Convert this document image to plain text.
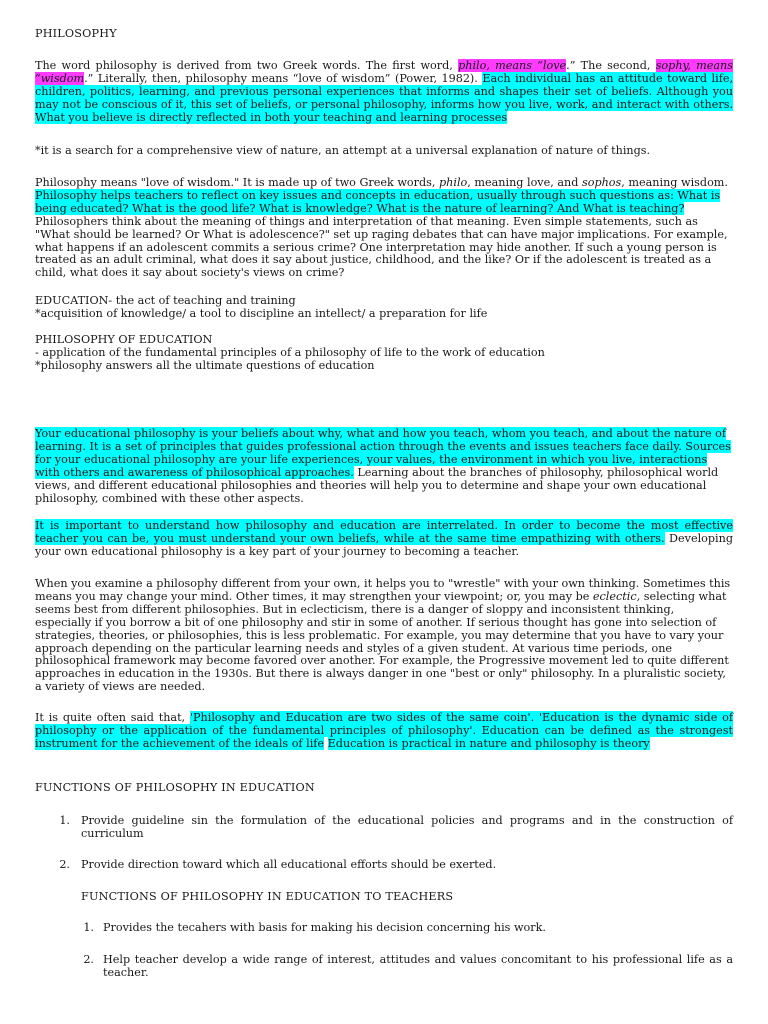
PHILOSOPHY

The word philosophy is derived from two Greek words. The first word, philo, means “love.” The second, sophy, means “wisdom.” Literally, then, philosophy means “love of wisdom” (Power, 1982). Each individual has an attitude toward life, children, politics, learning, and previous personal experiences that informs and shapes their set of beliefs. Although you may not be conscious of it, this set of beliefs, or personal philosophy, informs how you live, work, and interact with others. What you believe is directly reflected in both your teaching and learning processes

*it is a search for a comprehensive view of nature, an attempt at a universal explanation of nature of things.

Philosophy means "love of wisdom." It is made up of two Greek words, philo, meaning love, and sophos, meaning wisdom. Philosophy helps teachers to reflect on key issues and concepts in education, usually through such questions as: What is being educated? What is the good life? What is knowledge? What is the nature of learning? And What is teaching? Philosophers think about the meaning of things and interpretation of that meaning. Even simple statements, such as "What should be learned? Or What is adolescence?" set up raging debates that can have major implications. For example, what happens if an adolescent commits a serious crime? One interpretation may hide another. If such a young person is treated as an adult criminal, what does it say about justice, childhood, and the like? Or if the adolescent is treated as a child, what does it say about society's views on crime?

EDUCATION- the act of teaching and training
*acquisition of knowledge/ a tool to discipline an intellect/ a preparation for life

PHILOSOPHY OF EDUCATION
- application of the fundamental principles of a philosophy of life to the work of education
*philosophy answers all the ultimate questions of education

Your educational philosophy is your beliefs about why, what and how you teach, whom you teach, and about the nature of learning. It is a set of principles that guides professional action through the events and issues teachers face daily. Sources for your educational philosophy are your life experiences, your values, the environment in which you live, interactions with others and awareness of philosophical approaches. Learning about the branches of philosophy, philosophical world views, and different educational philosophies and theories will help you to determine and shape your own educational philosophy, combined with these other aspects.

It is important to understand how philosophy and education are interrelated. In order to become the most effective teacher you can be, you must understand your own beliefs, while at the same time empathizing with others. Developing your own educational philosophy is a key part of your journey to becoming a teacher.

When you examine a philosophy different from your own, it helps you to "wrestle" with your own thinking. Sometimes this means you may change your mind. Other times, it may strengthen your viewpoint; or, you may be eclectic, selecting what seems best from different philosophies. But in eclecticism, there is a danger of sloppy and inconsistent thinking, especially if you borrow a bit of one philosophy and stir in some of another. If serious thought has gone into selection of strategies, theories, or philosophies, this is less problematic. For example, you may determine that you have to vary your approach depending on the particular learning needs and styles of a given student. At various time periods, one philosophical framework may become favored over another. For example, the Progressive movement led to quite different approaches in education in the 1930s. But there is always danger in one "best or only" philosophy. In a pluralistic society, a variety of views are needed.

It is quite often said that, 'Philosophy and Education are two sides of the same coin'. 'Education is the dynamic side of philosophy or the application of the fundamental principles of philosophy'. Education can be defined as the strongest instrument for the achievement of the ideals of life Education is practical in nature and philosophy is theory

FUNCTIONS OF PHILOSOPHY IN EDUCATION

1. Provide guideline sin the formulation of the educational policies and programs and in the construction of curriculum

2. Provide direction toward which all educational efforts should be exerted.

FUNCTIONS OF PHILOSOPHY IN EDUCATION TO TEACHERS

1. Provides the tecahers with basis for making his decision concerning his work.

2. Help teacher develop a wide range of interest, attitudes and values concomitant to his professional life as a teacher.
